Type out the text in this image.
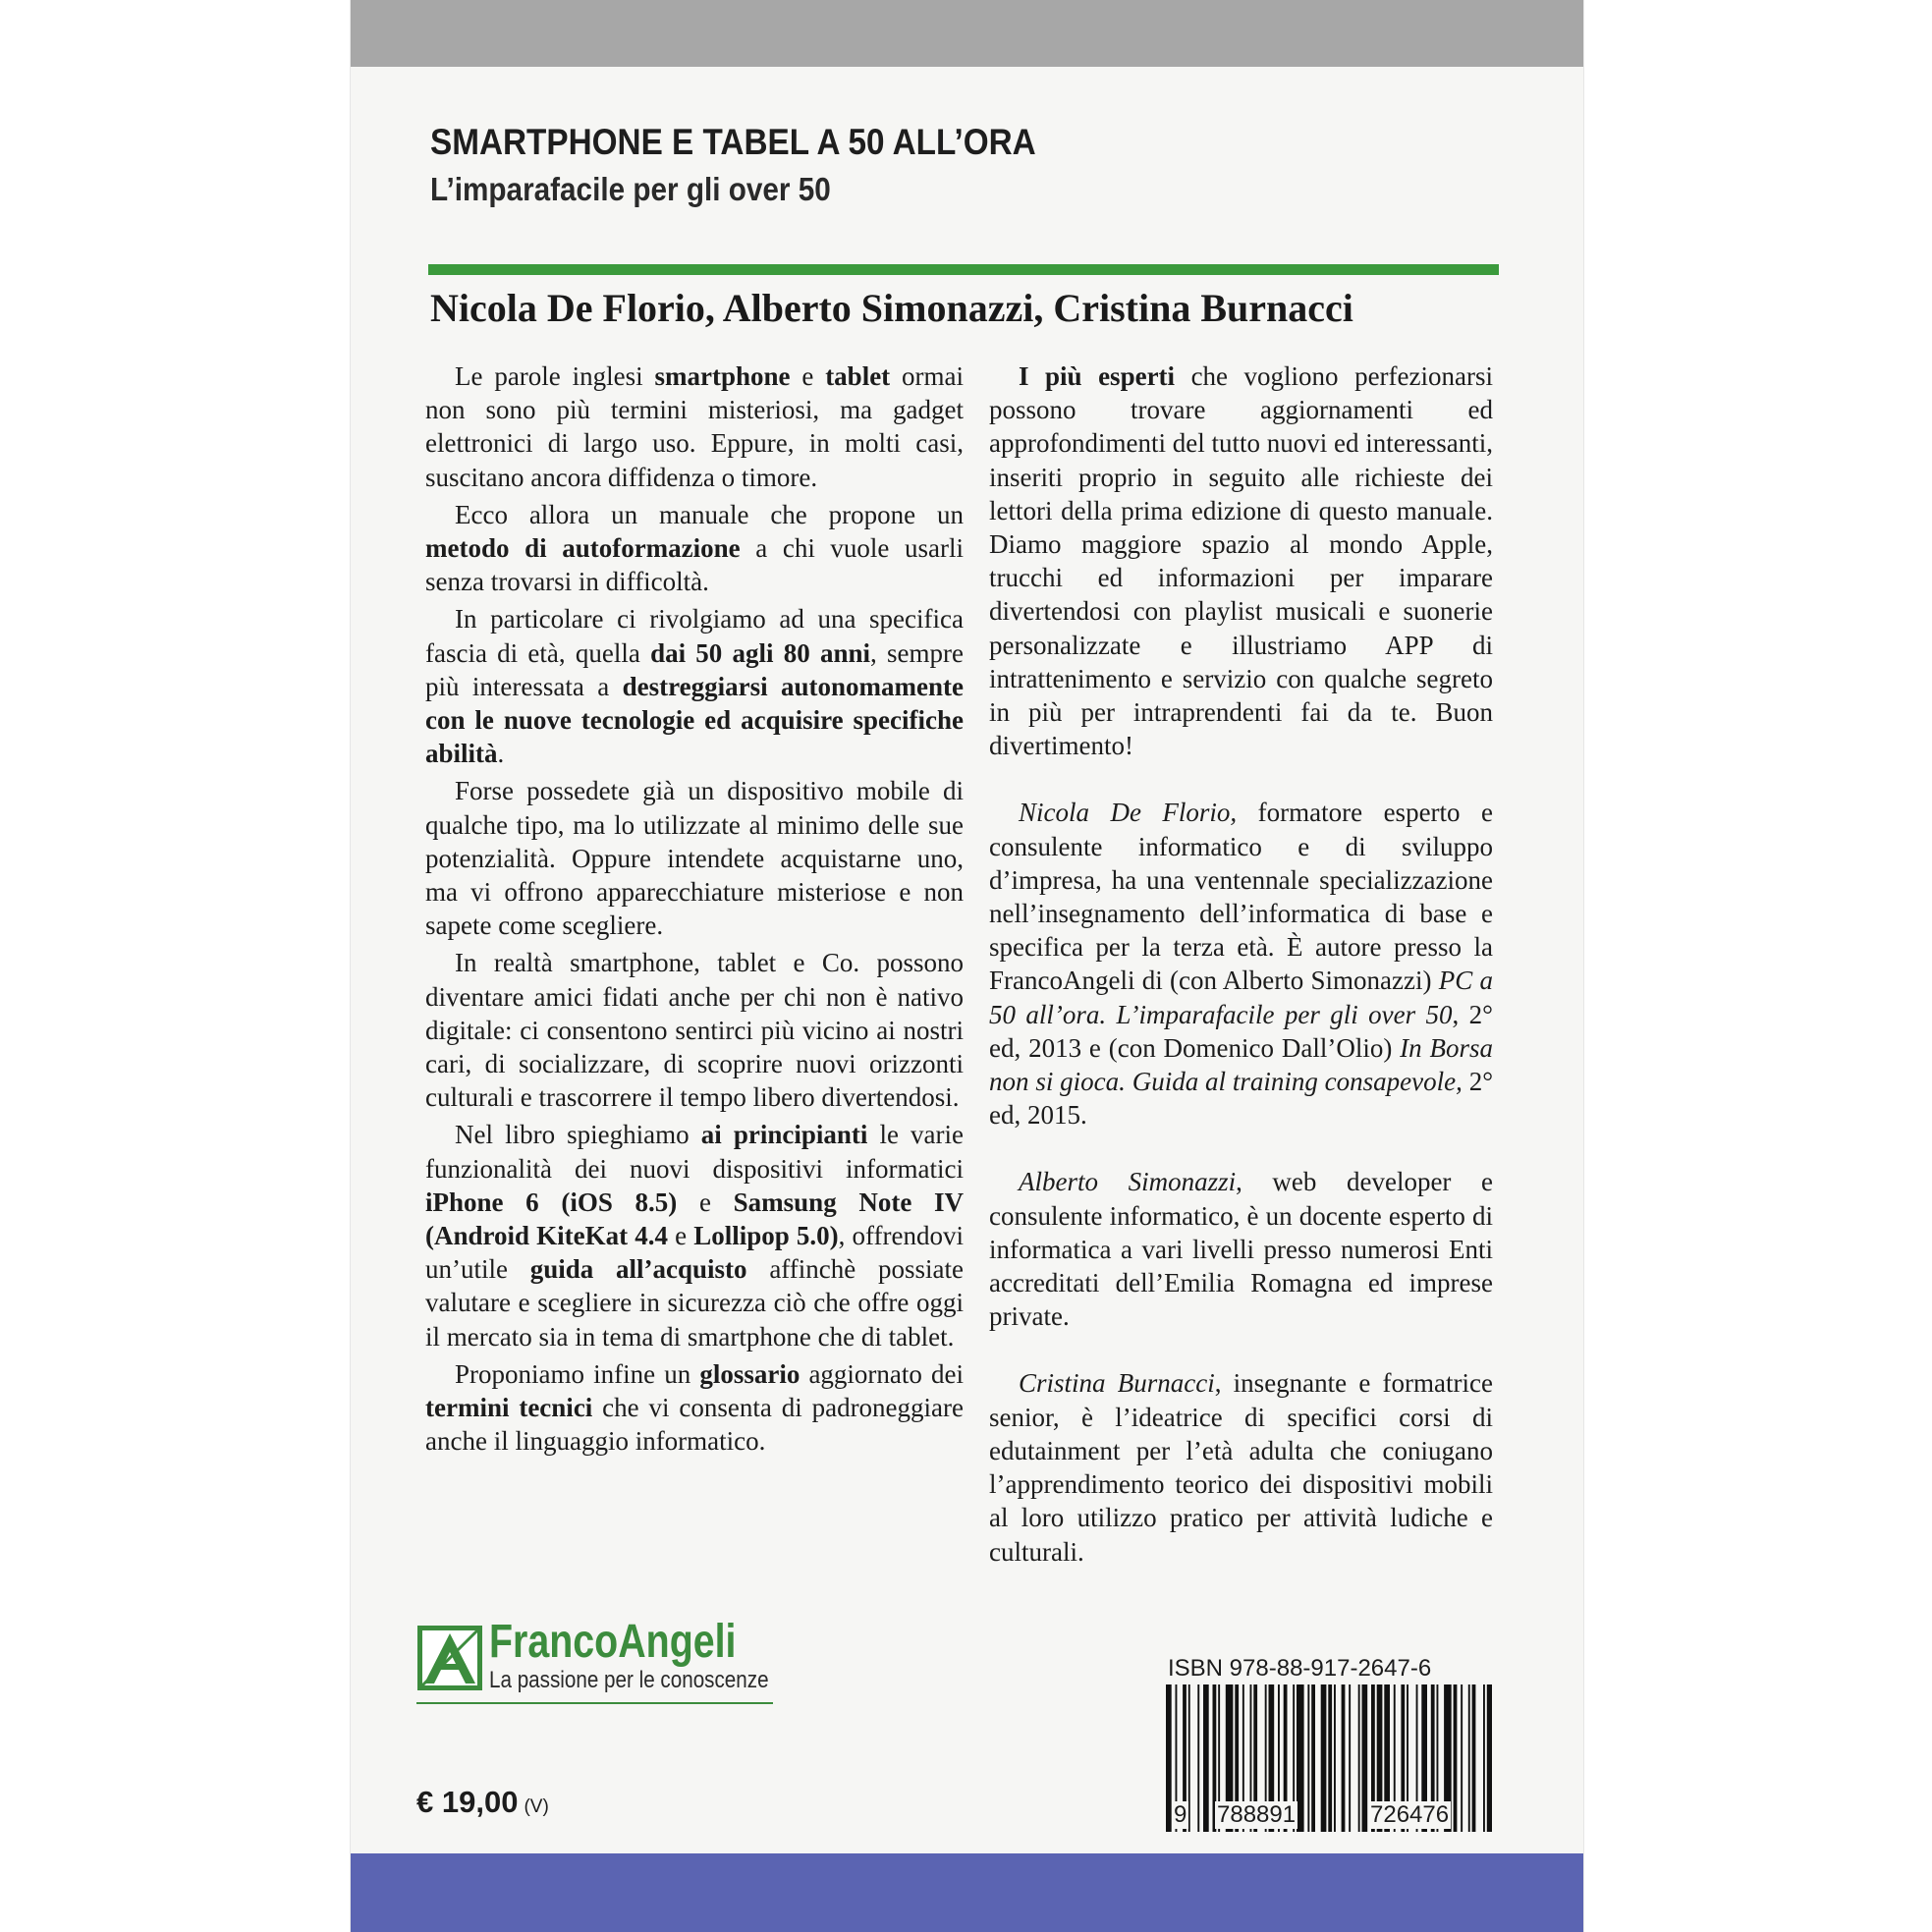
SMARTPHONE E TABEL A 50 ALL’ORA
L’imparafacile per gli over 50
Nicola De Florio, Alberto Simonazzi, Cristina Burnacci

Le parole inglesi smartphone e tablet ormai non sono più termini misteriosi, ma gadget elettronici di largo uso. Eppure, in molti casi, suscitano ancora diffidenza o timore.

Ecco allora un manuale che propone un metodo di autoformazione a chi vuole usarli senza trovarsi in difficoltà.

In particolare ci rivolgiamo ad una specifica fascia di età, quella dai 50 agli 80 anni, sempre più interessata a destreggiarsi autonomamente con le nuove tecnologie ed acquisire specifiche abilità.

Forse possedete già un dispositivo mobile di qualche tipo, ma lo utilizzate al minimo delle sue potenzialità. Oppure intendete acquistarne uno, ma vi offrono apparecchiature misteriose e non sapete come scegliere.

In realtà smartphone, tablet e Co. possono diventare amici fidati anche per chi non è nativo digitale: ci consentono sentirci più vicino ai nostri cari, di socializzare, di scoprire nuovi orizzonti culturali e trascorrere il tempo libero divertendosi.

Nel libro spieghiamo ai principianti le varie funzionalità dei nuovi dispositivi informatici iPhone 6 (iOS 8.5) e Samsung Note IV (Android KiteKat 4.4 e Lollipop 5.0), offrendovi un’utile guida all’acquisto affinchè possiate valutare e scegliere in sicurezza ciò che offre oggi il mercato sia in tema di smartphone che di tablet.

Proponiamo infine un glossario aggiornato dei termini tecnici che vi consenta di padroneggiare anche il linguaggio informatico.

I più esperti che vogliono perfezionarsi possono trovare aggiornamenti ed approfondimenti del tutto nuovi ed interessanti, inseriti proprio in seguito alle richieste dei lettori della prima edizione di questo manuale. Diamo maggiore spazio al mondo Apple, trucchi ed informazioni per imparare divertendosi con playlist musicali e suonerie personalizzate e illustriamo APP di intrattenimento e servizio con qualche segreto in più per intraprendenti fai da te. Buon divertimento!

Nicola De Florio, formatore esperto e consulente informatico e di sviluppo d’impresa, ha una ventennale specializzazione nell’insegnamento dell’informatica di base e specifica per la terza età. È autore presso la FrancoAngeli di (con Alberto Simonazzi) PC a 50 all’ora. L’imparafacile per gli over 50, 2° ed, 2013 e (con Domenico Dall’Olio) In Borsa non si gioca. Guida al training consapevole, 2° ed, 2015.

Alberto Simonazzi, web developer e consulente informatico, è un docente esperto di informatica a vari livelli presso numerosi Enti accreditati dell’Emilia Romagna ed imprese private.

Cristina Burnacci, insegnante e formatrice senior, è l’ideatrice di specifici corsi di edutainment per l’età adulta che coniugano l’apprendimento teorico dei dispositivi mobili al loro utilizzo pratico per attività ludiche e culturali.

FrancoAngeli

La passione per le conoscenze

€ 19,00 (V)

ISBN 978-88-917-2647-6

9 788891	726476
